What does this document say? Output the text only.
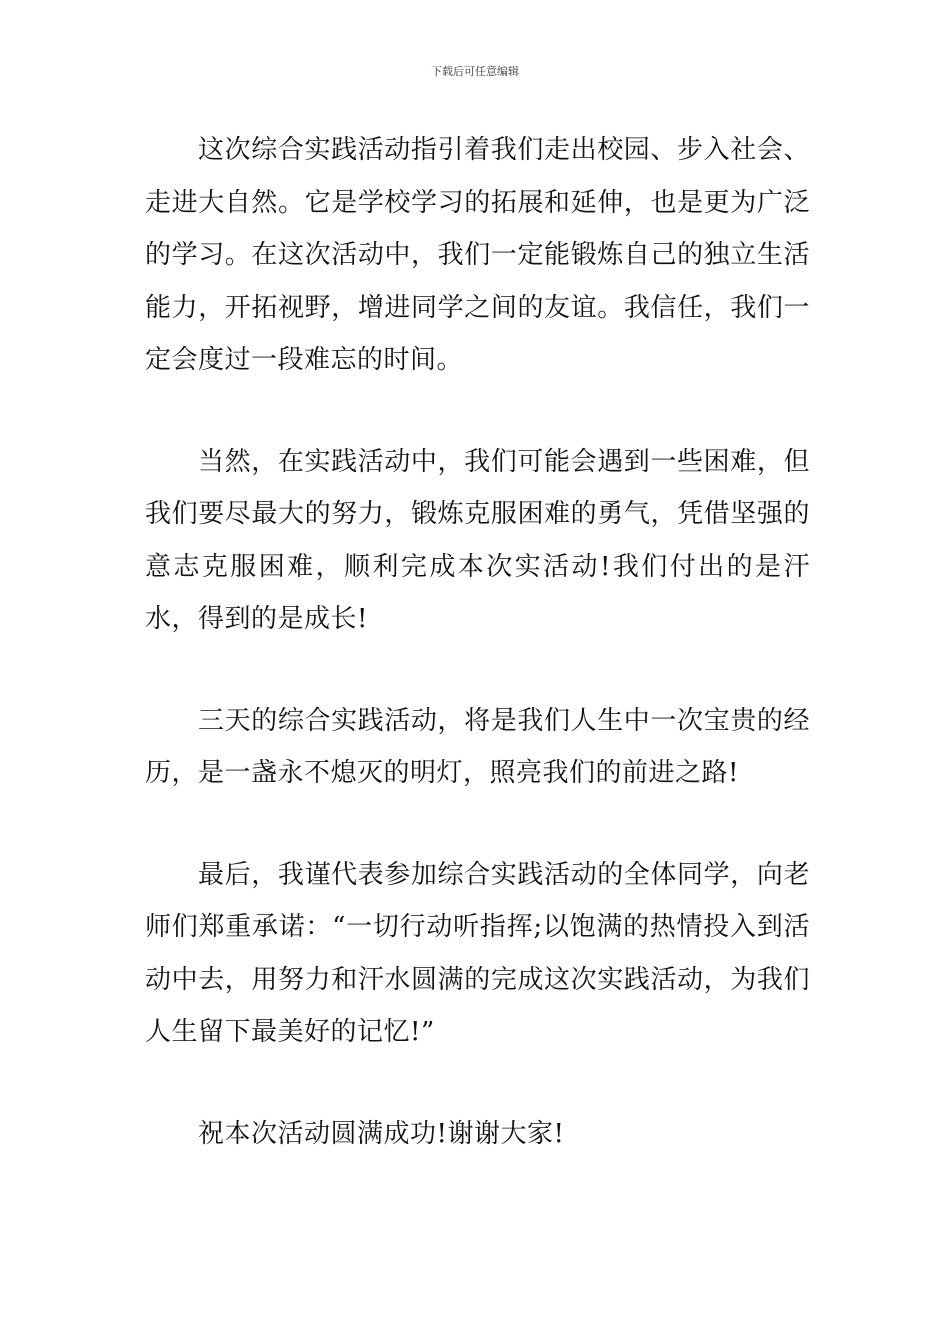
下载后可任意编辑

这次综合实践活动指引着我们走出校园、步入社会、走进大自然。它是学校学习的拓展和延伸，也是更为广泛的学习。在这次活动中，我们一定能锻炼自己的独立生活能力，开拓视野，增进同学之间的友谊。我信任，我们一定会度过一段难忘的时间。

当然，在实践活动中，我们可能会遇到一些困难，但我们要尽最大的努力，锻炼克服困难的勇气，凭借坚强的意志克服困难，顺利完成本次实活动!我们付出的是汗水，得到的是成长!

三天的综合实践活动，将是我们人生中一次宝贵的经历，是一盏永不熄灭的明灯，照亮我们的前进之路!

最后，我谨代表参加综合实践活动的全体同学，向老师们郑重承诺：“一切行动听指挥;以饱满的热情投入到活动中去，用努力和汗水圆满的完成这次实践活动，为我们人生留下最美好的记忆!”

祝本次活动圆满成功!谢谢大家!
